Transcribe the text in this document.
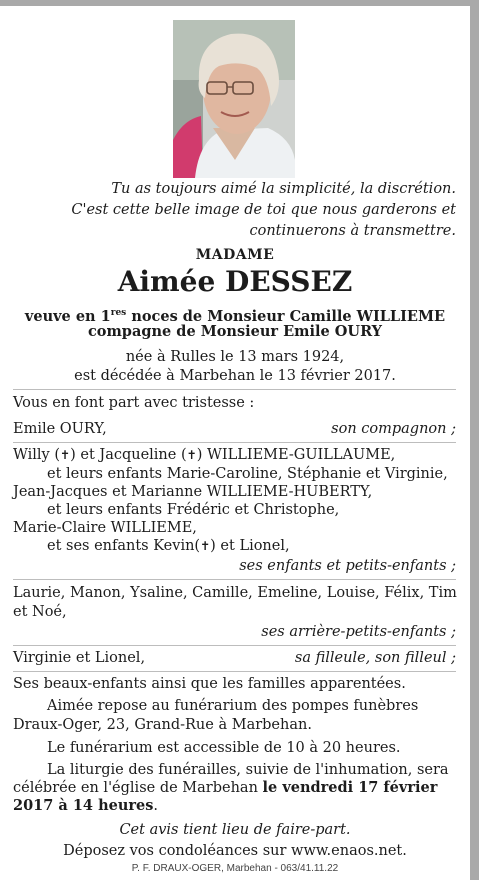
Tu as toujours aimé la simplicité, la discrétion.
C'est cette belle image de toi que nous garderons et
continuerons à transmettre.
MADAME
Aimée DESSEZ
veuve en 1res noces de Monsieur Camille WILLIEME
compagne de Monsieur Emile OURY
née à Rulles le 13 mars 1924,
est décédée à Marbehan le 13 février 2017.
Vous en font part avec tristesse :
Emile OURY,	son compagnon ;
Willy (✝) et Jacqueline (✝) WILLIEME-GUILLAUME,
et leurs enfants Marie-Caroline, Stéphanie et Virginie,
Jean-Jacques et Marianne WILLIEME-HUBERTY,
et leurs enfants Frédéric et Christophe,
Marie-Claire WILLIEME,
et ses enfants Kevin(✝) et Lionel,
ses enfants et petits-enfants ;
Laurie, Manon, Ysaline, Camille, Emeline, Louise, Félix, Tim
et Noé,
ses arrière-petits-enfants ;
Virginie et Lionel,	sa filleule, son filleul ;
Ses beaux-enfants ainsi que les familles apparentées.
Aimée repose au funérarium des pompes funèbres
Draux-Oger, 23, Grand-Rue à Marbehan.
Le funérarium est accessible de 10 à 20 heures.
La liturgie des funérailles, suivie de l'inhumation, sera
célébrée en l'église de Marbehan le vendredi 17 février
2017 à 14 heures.
Cet avis tient lieu de faire-part.
Déposez vos condoléances sur www.enaos.net.
P. F. DRAUX-OGER, Marbehan - 063/41.11.22
